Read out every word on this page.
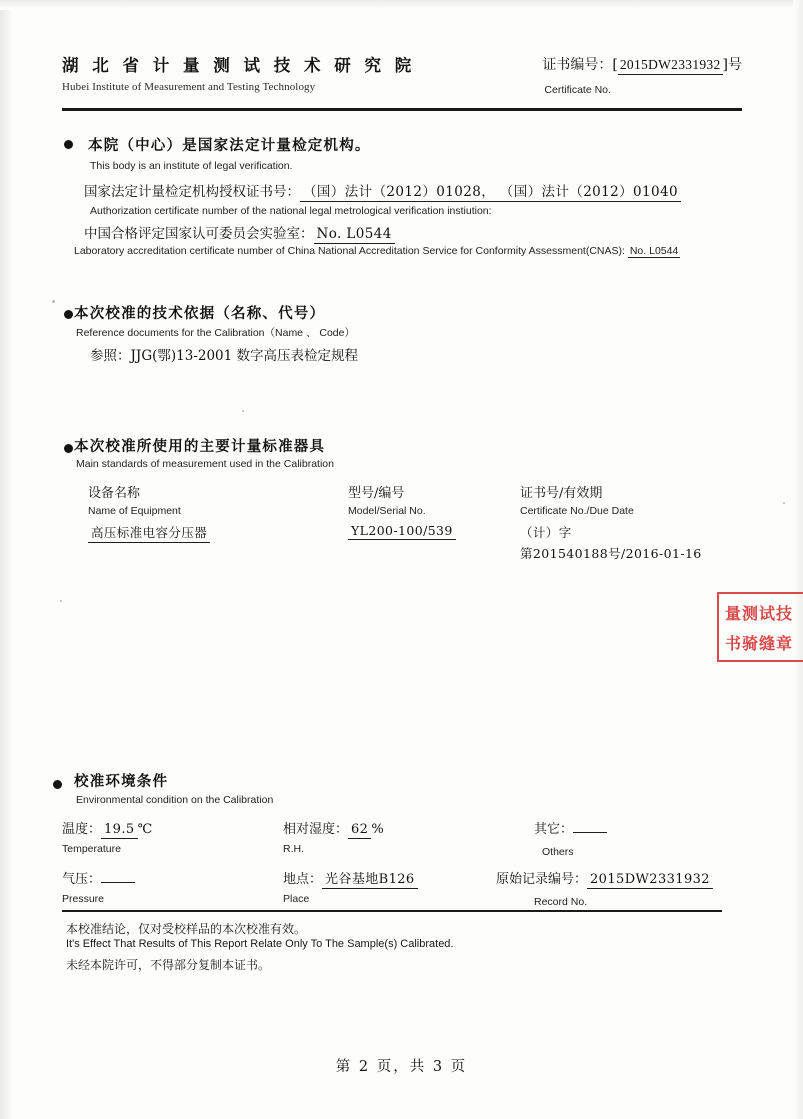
湖 北 省 计 量 测 试 技 术 研 究 院
Hubei Institute of Measurement and Testing Technology
证书编号：[ 2015DW2331932 ]号
Certificate No.
本院（中心）是国家法定计量检定机构。
This body is an institute of legal verification.
国家法定计量检定机构授权证书号： （国）法计（2012）01028， （国）法计（2012）01040
Authorization certificate number of the national legal metrological verification instiution:
中国合格评定国家认可委员会实验室： No. L0544
Laboratory accreditation certificate number of China National Accreditation Service for Conformity Assessment(CNAS): No. L0544
本次校准的技术依据（名称、代号）
Reference documents for the Calibration（Name 、 Code）
参照：JJG(鄂)13-2001 数字高压表检定规程
本次校准所使用的主要计量标准器具
Main standards of measurement used in the Calibration
设备名称
Name of Equipment
高压标准电容分压器
型号/编号
Model/Serial No.
YL200-100/539
证书号/有效期
Certificate No./Due Date
（计）字
第201540188号/2016-01-16
量测试技
书骑缝章
校准环境条件
Environmental condition on the Calibration
温度： 19.5 ℃
Temperature
相对湿度： 62 %
R.H.
其它：
Others
气压：
Pressure
地点： 光谷基地B126
Place
原始记录编号： 2015DW2331932
Record No.
本校准结论，仅对受校样品的本次校准有效。
It's Effect That Results of This Report Relate Only To The Sample(s) Calibrated.
未经本院许可，不得部分复制本证书。
第 2 页，共 3 页
